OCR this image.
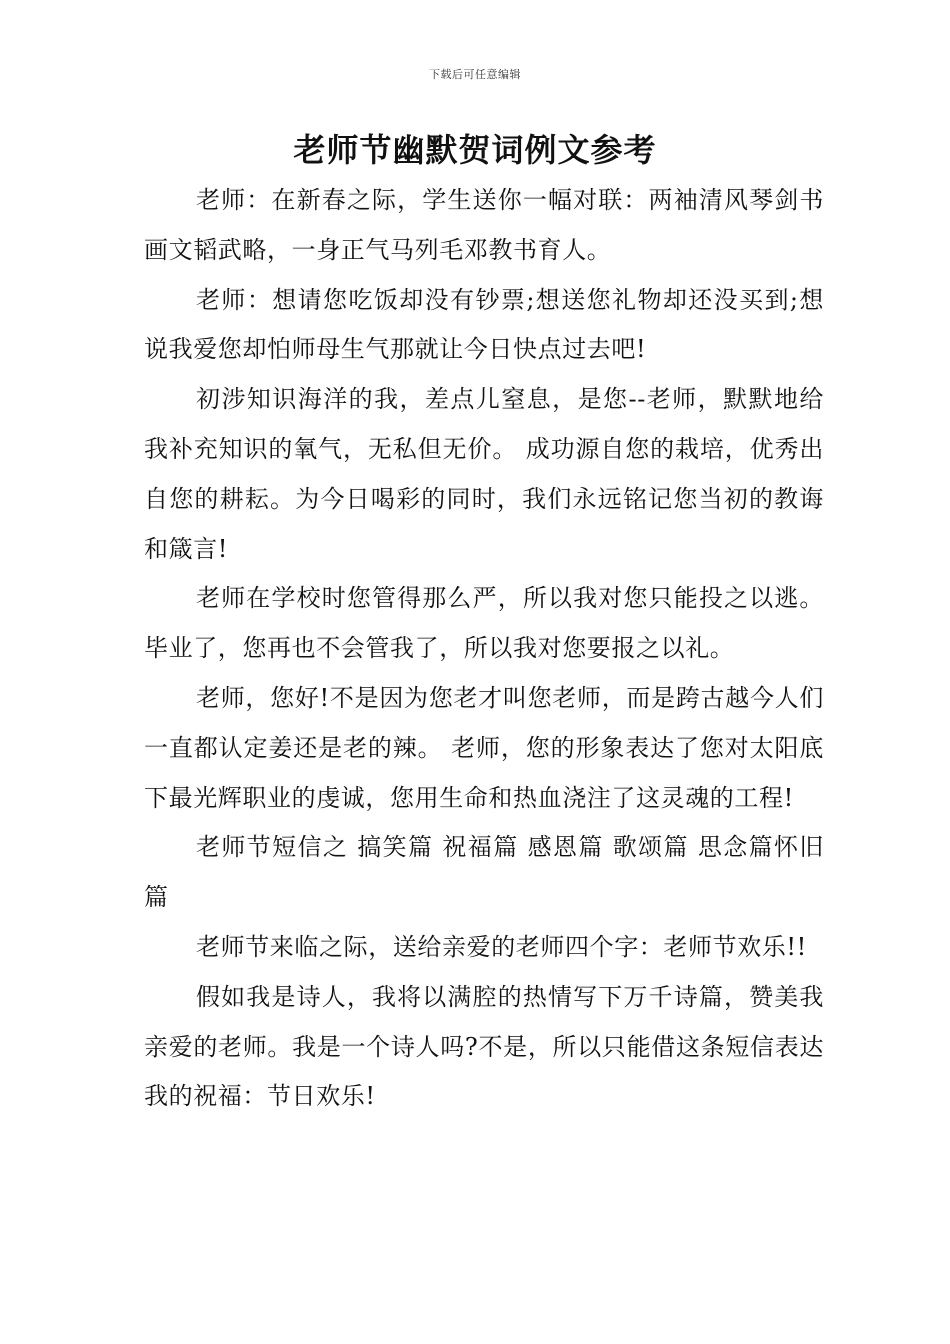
下载后可任意编辑
老师节幽默贺词例文参考

老师：在新春之际，学生送你一幅对联：两袖清风琴剑书画文韬武略，一身正气马列毛邓教书育人。

老师：想请您吃饭却没有钞票;想送您礼物却还没买到;想说我爱您却怕师母生气那就让今日快点过去吧!

初涉知识海洋的我，差点儿窒息，是您--老师，默默地给我补充知识的氧气，无私但无价。 成功源自您的栽培，优秀出自您的耕耘。为今日喝彩的同时，我们永远铭记您当初的教诲和箴言!

老师在学校时您管得那么严，所以我对您只能投之以逃。毕业了，您再也不会管我了，所以我对您要报之以礼。

老师，您好!不是因为您老才叫您老师，而是跨古越今人们一直都认定姜还是老的辣。 老师，您的形象表达了您对太阳底下最光辉职业的虔诚，您用生命和热血浇注了这灵魂的工程!

老师节短信之 搞笑篇 祝福篇 感恩篇 歌颂篇 思念篇怀旧篇

老师节来临之际，送给亲爱的老师四个字：老师节欢乐!!

假如我是诗人，我将以满腔的热情写下万千诗篇，赞美我亲爱的老师。我是一个诗人吗?不是，所以只能借这条短信表达我的祝福：节日欢乐!
